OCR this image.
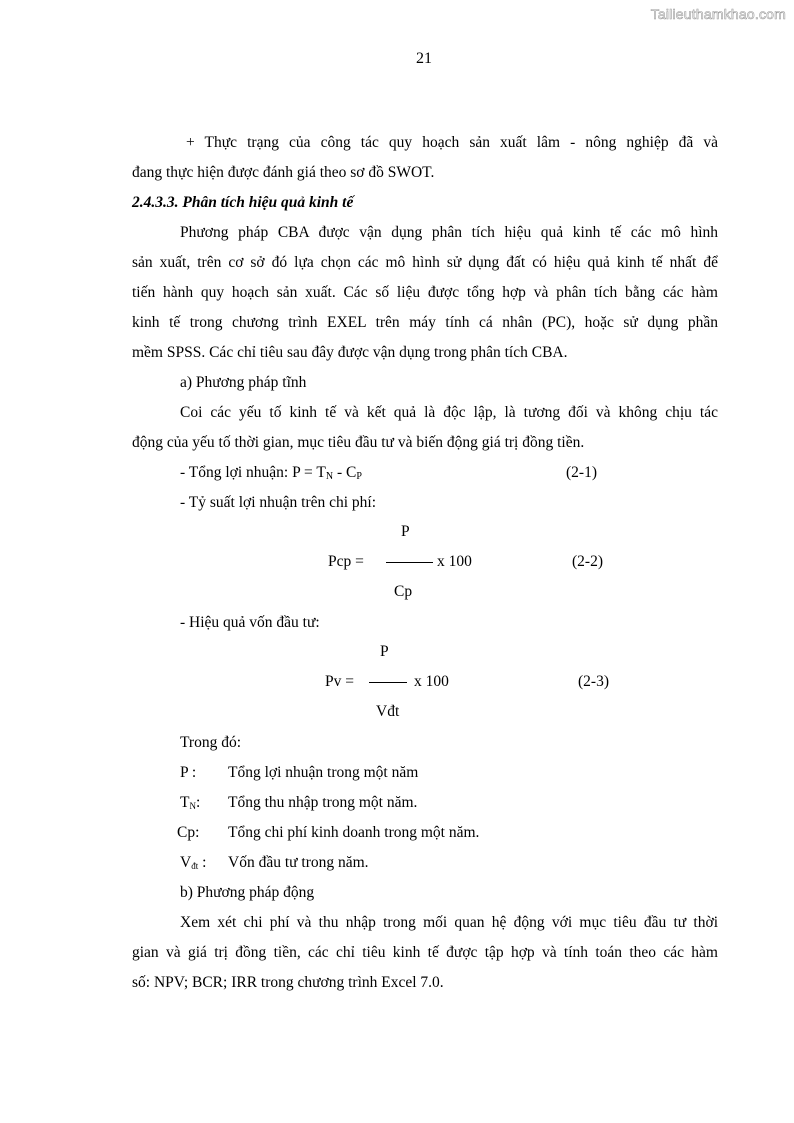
Tailieuthamkhao.com
21
+ Thực trạng của công tác quy hoạch sản xuất lâm - nông nghiệp đã và
đang thực hiện được đánh giá theo sơ đồ SWOT.
2.4.3.3. Phân tích hiệu quả kinh tế
Phương pháp CBA được vận dụng phân tích hiệu quả kinh tế các mô hình
sản xuất, trên cơ sở đó lựa chọn các mô hình sử dụng đất có hiệu quả kinh tế nhất để
tiến hành quy hoạch sản xuất. Các số liệu được tổng hợp và phân tích bằng các hàm
kinh tế trong chương trình EXEL trên máy tính cá nhân (PC), hoặc sử dụng phần
mềm SPSS. Các chỉ tiêu sau đây được vận dụng trong phân tích CBA.
a) Phương pháp tĩnh
Coi các yếu tố kinh tế và kết quả là độc lập, là tương đối và không chịu tác
động của yếu tố thời gian, mục tiêu đầu tư và biến động giá trị đồng tiền.
- Tổng lợi nhuận: $P = T_N - C_P$	(2-1)
- Tỷ suất lợi nhuận trên chi phí:
P
Pcp =	x 100	(2-2)
Cp
- Hiệu quả vốn đầu tư:
P
Pv =	x 100	(2-3)
Vđt
Trong đó:
P : Tổng lợi nhuận trong một năm
$T_N$: Tổng thu nhập trong một năm.
Cp: Tổng chi phí kinh doanh trong một năm.
$V_{đt}$ : Vốn đầu tư trong năm.
b) Phương pháp động
Xem xét chi phí và thu nhập trong mối quan hệ động với mục tiêu đầu tư thời
gian và giá trị đồng tiền, các chỉ tiêu kinh tế được tập hợp và tính toán theo các hàm
số: NPV; BCR; IRR trong chương trình Excel 7.0.
